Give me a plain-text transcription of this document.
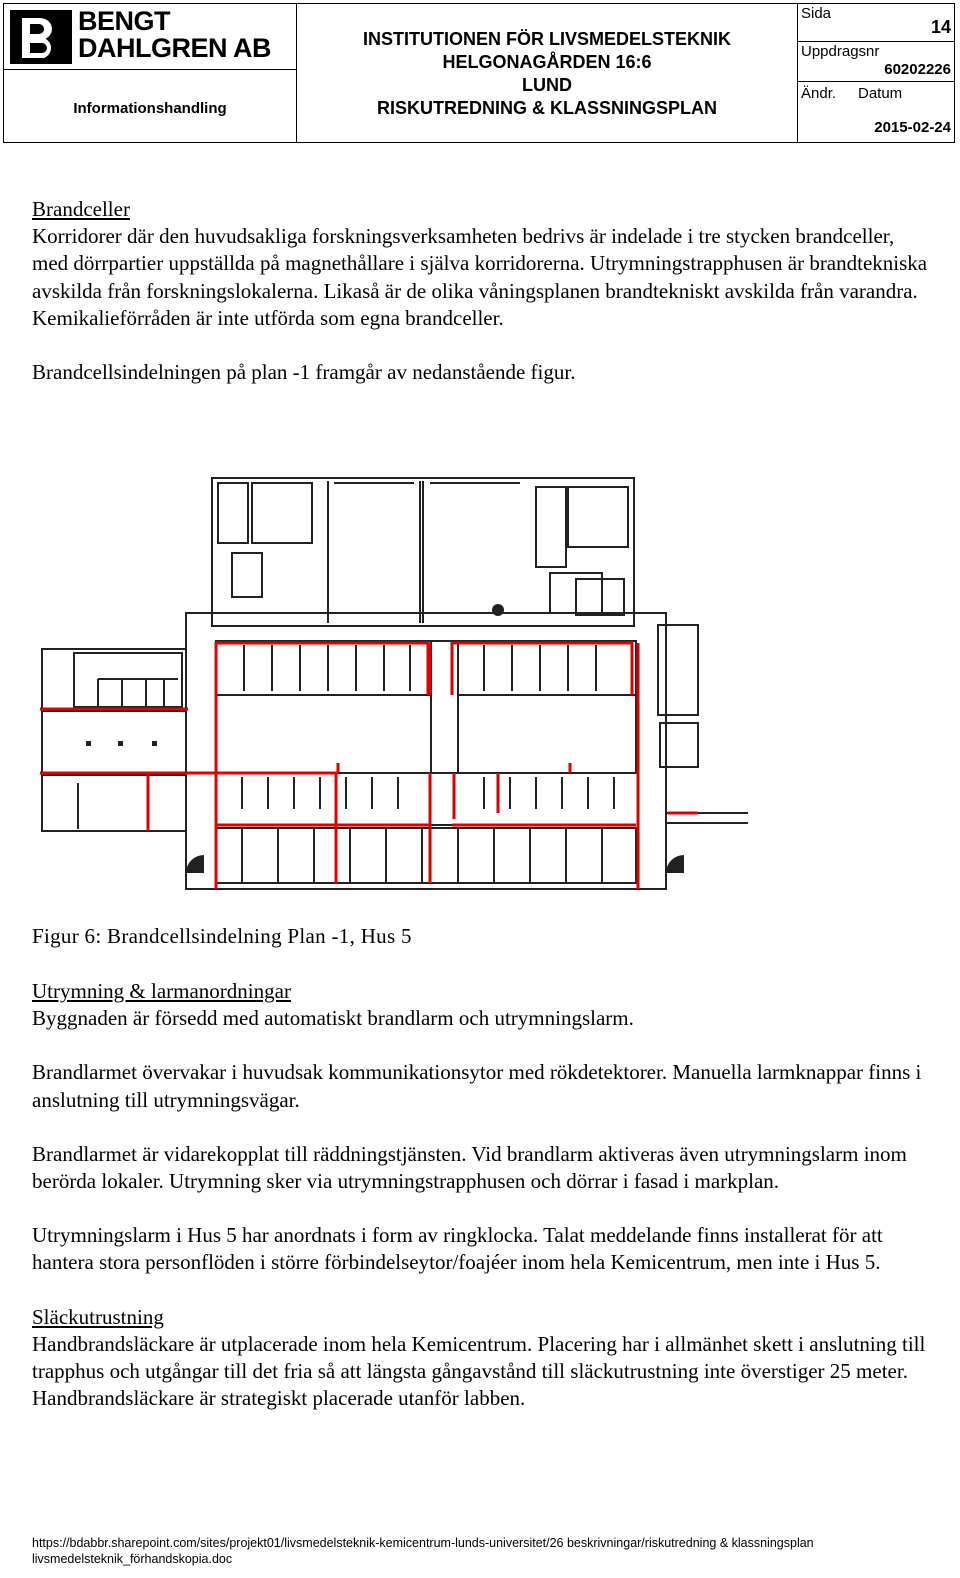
BENGT
DAHLGREN AB
Informationshandling
INSTITUTIONEN FÖR LIVSMEDELSTEKNIK
HELGONAGÅRDEN 16:6
LUND
RISKUTREDNING & KLASSNINGSPLAN
Sida
14
Uppdragsnr
60202226
Ändr. Datum
2015-02-24
Brandceller
Korridorer där den huvudsakliga forskningsverksamheten bedrivs är indelade i tre stycken brandceller, med dörrpartier uppställda på magnethållare i själva korridorerna. Utrymningstrapphusen är brandtekniska avskilda från forskningslokalerna. Likaså är de olika våningsplanen brandtekniskt avskilda från varandra. Kemikalieförråden är inte utförda som egna brandceller.
Brandcellsindelningen på plan -1 framgår av nedanstående figur.
Figur 6: Brandcellsindelning Plan -1, Hus 5
Utrymning & larmanordningar
Byggnaden är försedd med automatiskt brandlarm och utrymningslarm.
Brandlarmet övervakar i huvudsak kommunikationsytor med rökdetektorer. Manuella larmknappar finns i anslutning till utrymningsvägar.
Brandlarmet är vidarekopplat till räddningstjänsten. Vid brandlarm aktiveras även utrymningslarm inom berörda lokaler. Utrymning sker via utrymningstrapphusen och dörrar i fasad i markplan.
Utrymningslarm i Hus 5 har anordnats i form av ringklocka. Talat meddelande finns installerat för att hantera stora personflöden i större förbindelseytor/foajéer inom hela Kemicentrum, men inte i Hus 5.
Släckutrustning
Handbrandsläckare är utplacerade inom hela Kemicentrum. Placering har i allmänhet skett i anslutning till trapphus och utgångar till det fria så att längsta gångavstånd till släckutrustning inte överstiger 25 meter. Handbrandsläckare är strategiskt placerade utanför labben.
https://bdabbr.sharepoint.com/sites/projekt01/livsmedelsteknik-kemicentrum-lunds-universitet/26 beskrivningar/riskutredning & klassningsplan
livsmedelsteknik_förhandskopia.doc
